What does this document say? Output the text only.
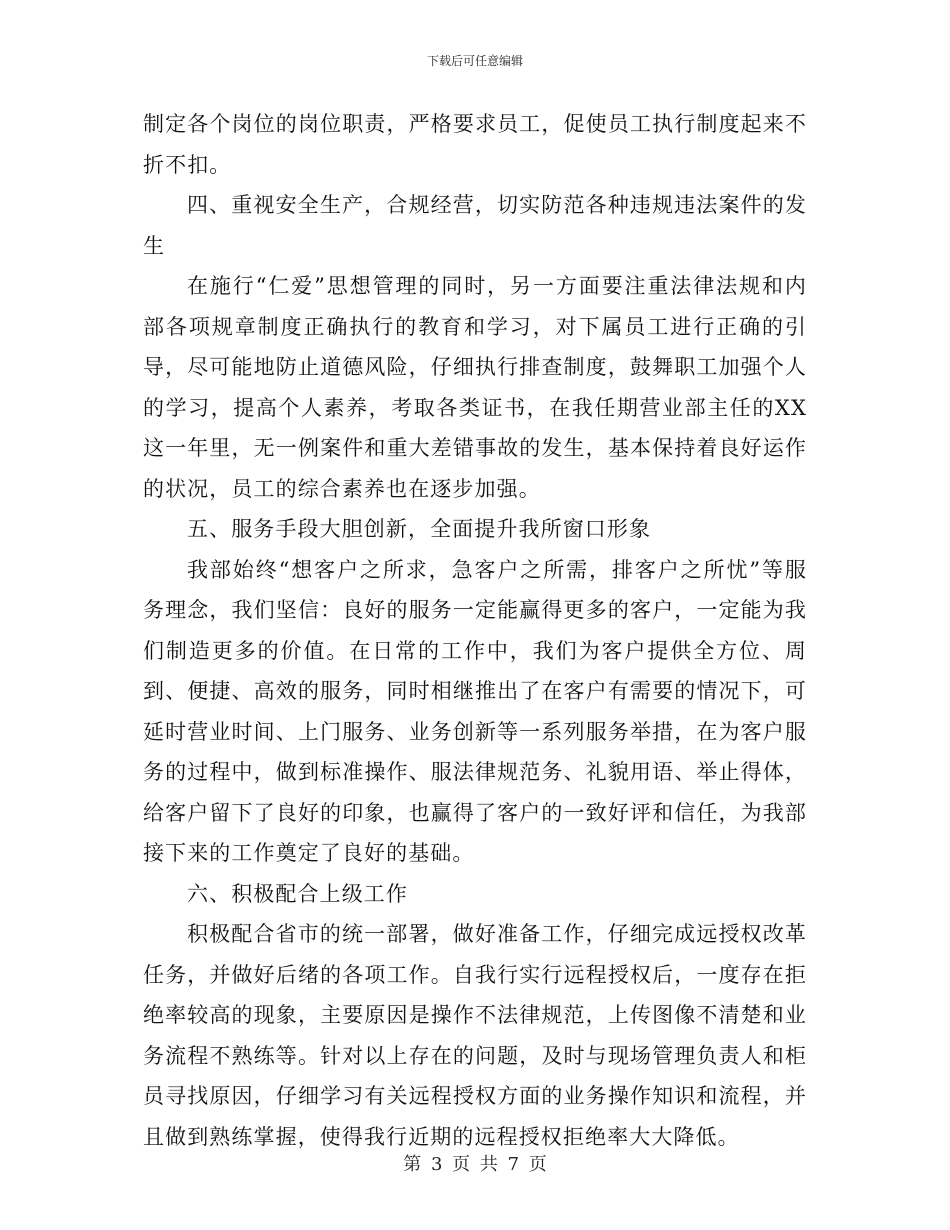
下载后可任意编辑

制定各个岗位的岗位职责，严格要求员工，促使员工执行制度起来不折不扣。

四、重视安全生产，合规经营，切实防范各种违规违法案件的发生

在施行“仁爱”思想管理的同时，另一方面要注重法律法规和内部各项规章制度正确执行的教育和学习，对下属员工进行正确的引导，尽可能地防止道德风险，仔细执行排查制度，鼓舞职工加强个人的学习，提高个人素养，考取各类证书，在我任期营业部主任的XX这一年里，无一例案件和重大差错事故的发生，基本保持着良好运作的状况，员工的综合素养也在逐步加强。

五、服务手段大胆创新，全面提升我所窗口形象

我部始终“想客户之所求，急客户之所需，排客户之所忧”等服务理念，我们坚信：良好的服务一定能赢得更多的客户，一定能为我们制造更多的价值。在日常的工作中，我们为客户提供全方位、周到、便捷、高效的服务，同时相继推出了在客户有需要的情况下，可延时营业时间、上门服务、业务创新等一系列服务举措，在为客户服务的过程中，做到标准操作、服法律规范务、礼貌用语、举止得体，给客户留下了良好的印象，也赢得了客户的一致好评和信任，为我部接下来的工作奠定了良好的基础。

六、积极配合上级工作

积极配合省市的统一部署，做好准备工作，仔细完成远授权改革任务，并做好后绪的各项工作。自我行实行远程授权后，一度存在拒绝率较高的现象，主要原因是操作不法律规范，上传图像不清楚和业务流程不熟练等。针对以上存在的问题，及时与现场管理负责人和柜员寻找原因，仔细学习有关远程授权方面的业务操作知识和流程，并且做到熟练掌握，使得我行近期的远程授权拒绝率大大降低。

第 3 页 共 7 页
